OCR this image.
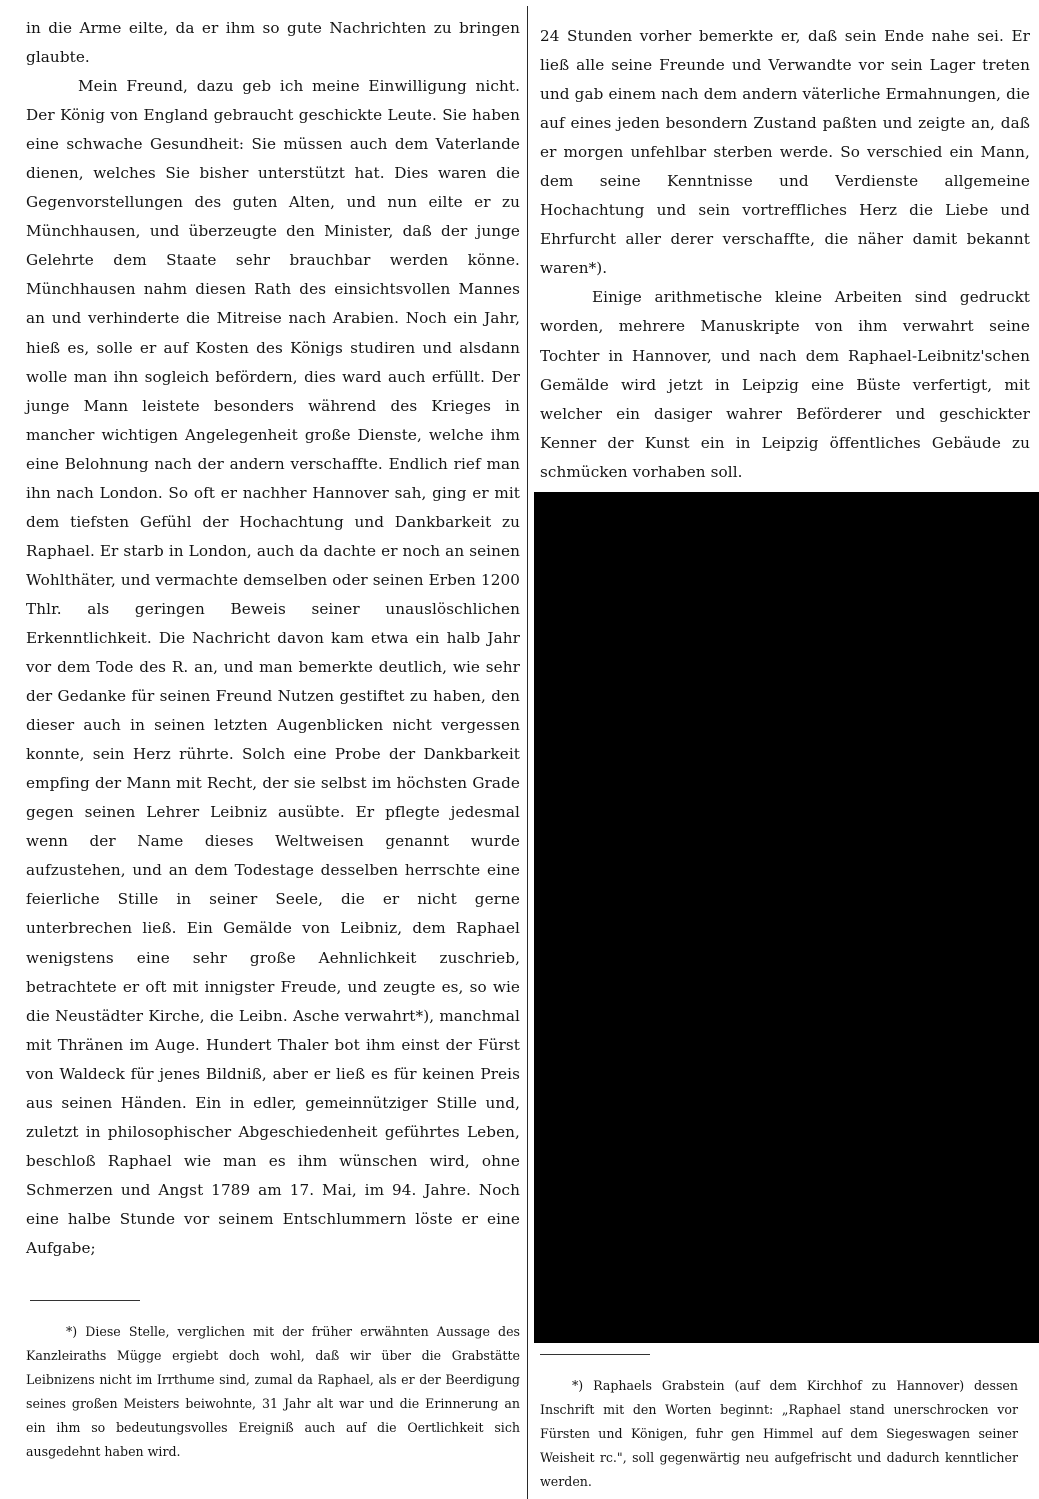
in die Arme eilte, da er ihm so gute Nachrichten zu bringen glaubte.

Mein Freund, dazu geb ich meine Einwilligung nicht. Der König von England gebraucht geschickte Leute. Sie haben eine schwache Gesundheit: Sie müssen auch dem Vaterlande dienen, welches Sie bisher unterstützt hat. Dies waren die Gegenvorstellungen des guten Alten, und nun eilte er zu Münchhausen, und überzeugte den Minister, daß der junge Gelehrte dem Staate sehr brauchbar werden könne. Münchhausen nahm diesen Rath des einsichtsvollen Mannes an und verhinderte die Mitreise nach Arabien. Noch ein Jahr, hieß es, solle er auf Kosten des Königs studiren und alsdann wolle man ihn sogleich befördern, dies ward auch erfüllt. Der junge Mann leistete besonders während des Krieges in mancher wichtigen Angelegenheit große Dienste, welche ihm eine Belohnung nach der andern verschaffte. Endlich rief man ihn nach London. So oft er nachher Hannover sah, ging er mit dem tiefsten Gefühl der Hochachtung und Dankbarkeit zu Raphael. Er starb in London, auch da dachte er noch an seinen Wohlthäter, und vermachte demselben oder seinen Erben 1200 Thlr. als geringen Beweis seiner unauslöschlichen Erkenntlichkeit. Die Nachricht davon kam etwa ein halb Jahr vor dem Tode des R. an, und man bemerkte deutlich, wie sehr der Gedanke für seinen Freund Nutzen gestiftet zu haben, den dieser auch in seinen letzten Augenblicken nicht vergessen konnte, sein Herz rührte. Solch eine Probe der Dankbarkeit empfing der Mann mit Recht, der sie selbst im höchsten Grade gegen seinen Lehrer Leibniz ausübte. Er pflegte jedesmal wenn der Name dieses Weltweisen genannt wurde aufzustehen, und an dem Todestage desselben herrschte eine feierliche Stille in seiner Seele, die er nicht gerne unterbrechen ließ. Ein Gemälde von Leibniz, dem Raphael wenigstens eine sehr große Aehnlichkeit zuschrieb, betrachtete er oft mit innigster Freude, und zeugte es, so wie die Neustädter Kirche, die Leibn. Asche verwahrt*), manchmal mit Thränen im Auge. Hundert Thaler bot ihm einst der Fürst von Waldeck für jenes Bildniß, aber er ließ es für keinen Preis aus seinen Händen. Ein in edler, gemeinnütziger Stille und, zuletzt in philosophischer Abgeschiedenheit geführtes Leben, beschloß Raphael wie man es ihm wünschen wird, ohne Schmerzen und Angst 1789 am 17. Mai, im 94. Jahre. Noch eine halbe Stunde vor seinem Entschlummern löste er eine Aufgabe;

24 Stunden vorher bemerkte er, daß sein Ende nahe sei. Er ließ alle seine Freunde und Verwandte vor sein Lager treten und gab einem nach dem andern väterliche Ermahnungen, die auf eines jeden besondern Zustand paßten und zeigte an, daß er morgen unfehlbar sterben werde. So verschied ein Mann, dem seine Kenntnisse und Verdienste allgemeine Hochachtung und sein vortreffliches Herz die Liebe und Ehrfurcht aller derer verschaffte, die näher damit bekannt waren*).

Einige arithmetische kleine Arbeiten sind gedruckt worden, mehrere Manuskripte von ihm verwahrt seine Tochter in Hannover, und nach dem Raphael-Leibnitz'schen Gemälde wird jetzt in Leipzig eine Büste verfertigt, mit welcher ein dasiger wahrer Beförderer und geschickter Kenner der Kunst ein in Leipzig öffentliches Gebäude zu schmücken vorhaben soll.

*) Diese Stelle, verglichen mit der früher erwähnten Aussage des Kanzleiraths Mügge ergiebt doch wohl, daß wir über die Grabstätte Leibnizens nicht im Irrthume sind, zumal da Raphael, als er der Beerdigung seines großen Meisters beiwohnte, 31 Jahr alt war und die Erinnerung an ein ihm so bedeutungsvolles Ereigniß auch auf die Oertlichkeit sich ausgedehnt haben wird.

*) Raphaels Grabstein (auf dem Kirchhof zu Hannover) dessen Inschrift mit den Worten beginnt: „Raphael stand unerschrocken vor Fürsten und Königen, fuhr gen Himmel auf dem Siegeswagen seiner Weisheit rc.", soll gegenwärtig neu aufgefrischt und dadurch kenntlicher werden.
